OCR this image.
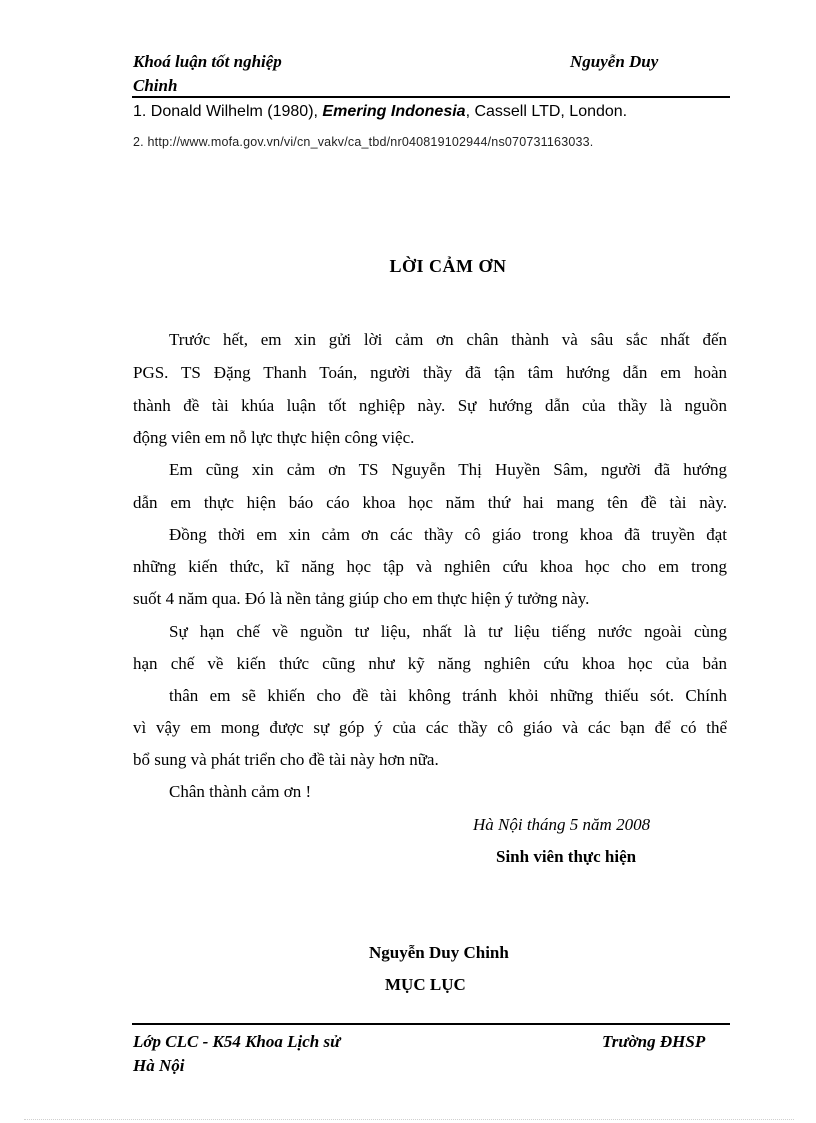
Khoá luận tốt nghiệp
Chinh
Nguyễn Duy
1. Donald Wilhelm (1980), Emering Indonesia, Cassell LTD, London.
2. http://www.mofa.gov.vn/vi/cn_vakv/ca_tbd/nr040819102944/ns070731163033.
LỜI CẢM ƠN
Trước hết, em xin gửi lời cảm ơn chân thành và sâu sắc nhất đến
PGS. TS Đặng Thanh Toán, người thầy đã tận tâm hướng dẫn em hoàn
thành đề tài khúa luận tốt nghiệp này. Sự hướng dẫn của thầy là nguồn
động viên em nỗ lực thực hiện công việc.
Em cũng xin cảm ơn TS Nguyễn Thị Huyền Sâm, người đã hướng
dẫn em thực hiện báo cáo khoa học năm thứ hai mang tên đề tài này.
Đồng thời em xin cảm ơn các thầy cô giáo trong khoa đã truyền đạt
những kiến thức, kĩ năng học tập và nghiên cứu khoa học cho em trong
suốt 4 năm qua. Đó là nền tảng giúp cho em thực hiện ý tưởng này.
Sự hạn chế về nguồn tư liệu, nhất là tư liệu tiếng nước ngoài cùng
hạn chế về kiến thức cũng như kỹ năng nghiên cứu khoa học của bản
thân em sẽ khiến cho đề tài không tránh khỏi những thiếu sót. Chính
vì vậy em mong được sự góp ý của các thầy cô giáo và các bạn để có thể
bổ sung và phát triển cho đề tài này hơn nữa.
Chân thành cảm ơn !
Hà Nội tháng 5 năm 2008
Sinh viên thực hiện
Nguyễn Duy Chinh
MỤC LỤC
Lớp CLC - K54 Khoa Lịch sử
Hà Nội
Trường ĐHSP
